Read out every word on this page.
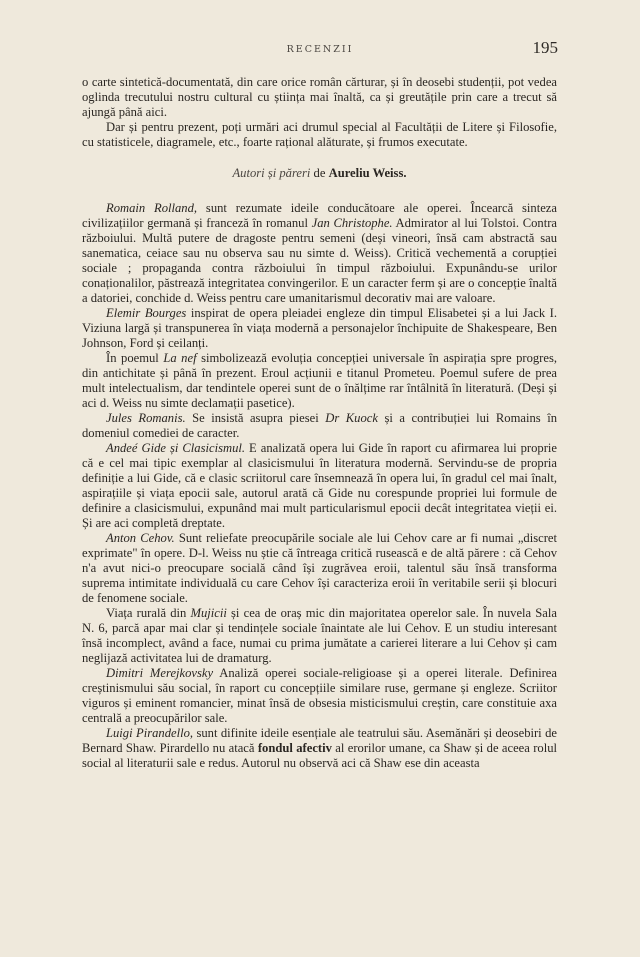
RECENZII	195

o carte sintetică-documentată, din care orice român cărturar, și în deosebi studenții, pot vedea oglinda trecutului nostru cultural cu știința mai înaltă, ca și greutățile prin care a trecut să ajungă până aici.

Dar și pentru prezent, poți urmări aci drumul special al Facultății de Litere și Filosofie, cu statisticele, diagramele, etc., foarte rațional alăturate, și frumos executate.

Autori și păreri de Aureliu Weiss.

Romain Rolland, sunt rezumate ideile conducătoare ale operei. Încearcă sinteza civilizațiilor germană și franceză în romanul Jan Christophe. Admirator al lui Tolstoi. Contra războiului. Multă putere de dragoste pentru semeni (deși vineori, însă cam abstractă sau sanematica, ceiace sau nu observa sau nu simte d. Weiss). Critică vechementă a corupției sociale ; propaganda contra războiului în timpul războiului. Expunându-se urilor conaționalilor, păstrează integritatea convingerilor. E un caracter ferm și are o concepție înaltă a datoriei, conchide d. Weiss pentru care umanitarismul decorativ mai are valoare.

Elemir Bourges inspirat de opera pleiadei engleze din timpul Elisabetei și a lui Jack I. Viziuna largă și transpunerea în viața modernă a personajelor închipuite de Shakespeare, Ben Johnson, Ford și ceilanți.

În poemul La nef simbolizează evoluția concepției universale în aspirația spre progres, din antichitate și până în prezent. Eroul acțiunii e titanul Prometeu. Poemul sufere de prea mult intelectualism, dar tendintele operei sunt de o înălțime rar întâlnită în literatură. (Deși și aci d. Weiss nu simte declamații pasetice).

Jules Romanis. Se insistă asupra piesei Dr Kuock și a contribuției lui Romains în domeniul comediei de caracter.

Andeé Gide și Clasicismul. E analizată opera lui Gide în raport cu afirmarea lui proprie că e cel mai tipic exemplar al clasicismului în literatura modernă. Servindu-se de propria definiție a lui Gide, că e clasic scriitorul care însemnează în opera lui, în gradul cel mai înalt, aspirațiile și viața epocii sale, autorul arată că Gide nu corespunde propriei lui formule de definire a clasicismului, expunând mai mult particularismul epocii decât integritatea vieții ei. Și are aci completă dreptate.

Anton Cehov. Sunt reliefate preocupările sociale ale lui Cehov care ar fi numai „discret exprimate" în opere. D-l. Weiss nu știe că întreaga critică rusească e de altă părere : că Cehov n'a avut nici-o preocupare socială când își zugrăvea eroii, talentul său însă transforma suprema intimitate individuală cu care Cehov își caracteriza eroii în veritabile serii și blocuri de fenomene sociale.

Viața rurală din Mujicii și cea de oraș mic din majoritatea operelor sale. În nuvela Sala N. 6, parcă apar mai clar și tendințele sociale înaintate ale lui Cehov. E un studiu interesant însă incomplect, având a face, numai cu prima jumătate a carierei literare a lui Cehov și cam neglijază activitatea lui de dramaturg.

Dimitri Merejkovsky Analiză operei sociale-religioase și a operei literale. Definirea creștinismului său social, în raport cu concepțiile similare ruse, germane și engleze. Scriitor viguros și eminent romancier, minat însă de obsesia misticismului creștin, care constituie axa centrală a preocupărilor sale.

Luigi Pirandello, sunt difinite ideile esențiale ale teatrului său. Asemănări și deosebiri de Bernard Shaw. Pirardello nu atacă fondul afectiv al erorilor umane, ca Shaw și de aceea rolul social al literaturii sale e redus. Autorul nu observă aci că Shaw ese din aceasta
